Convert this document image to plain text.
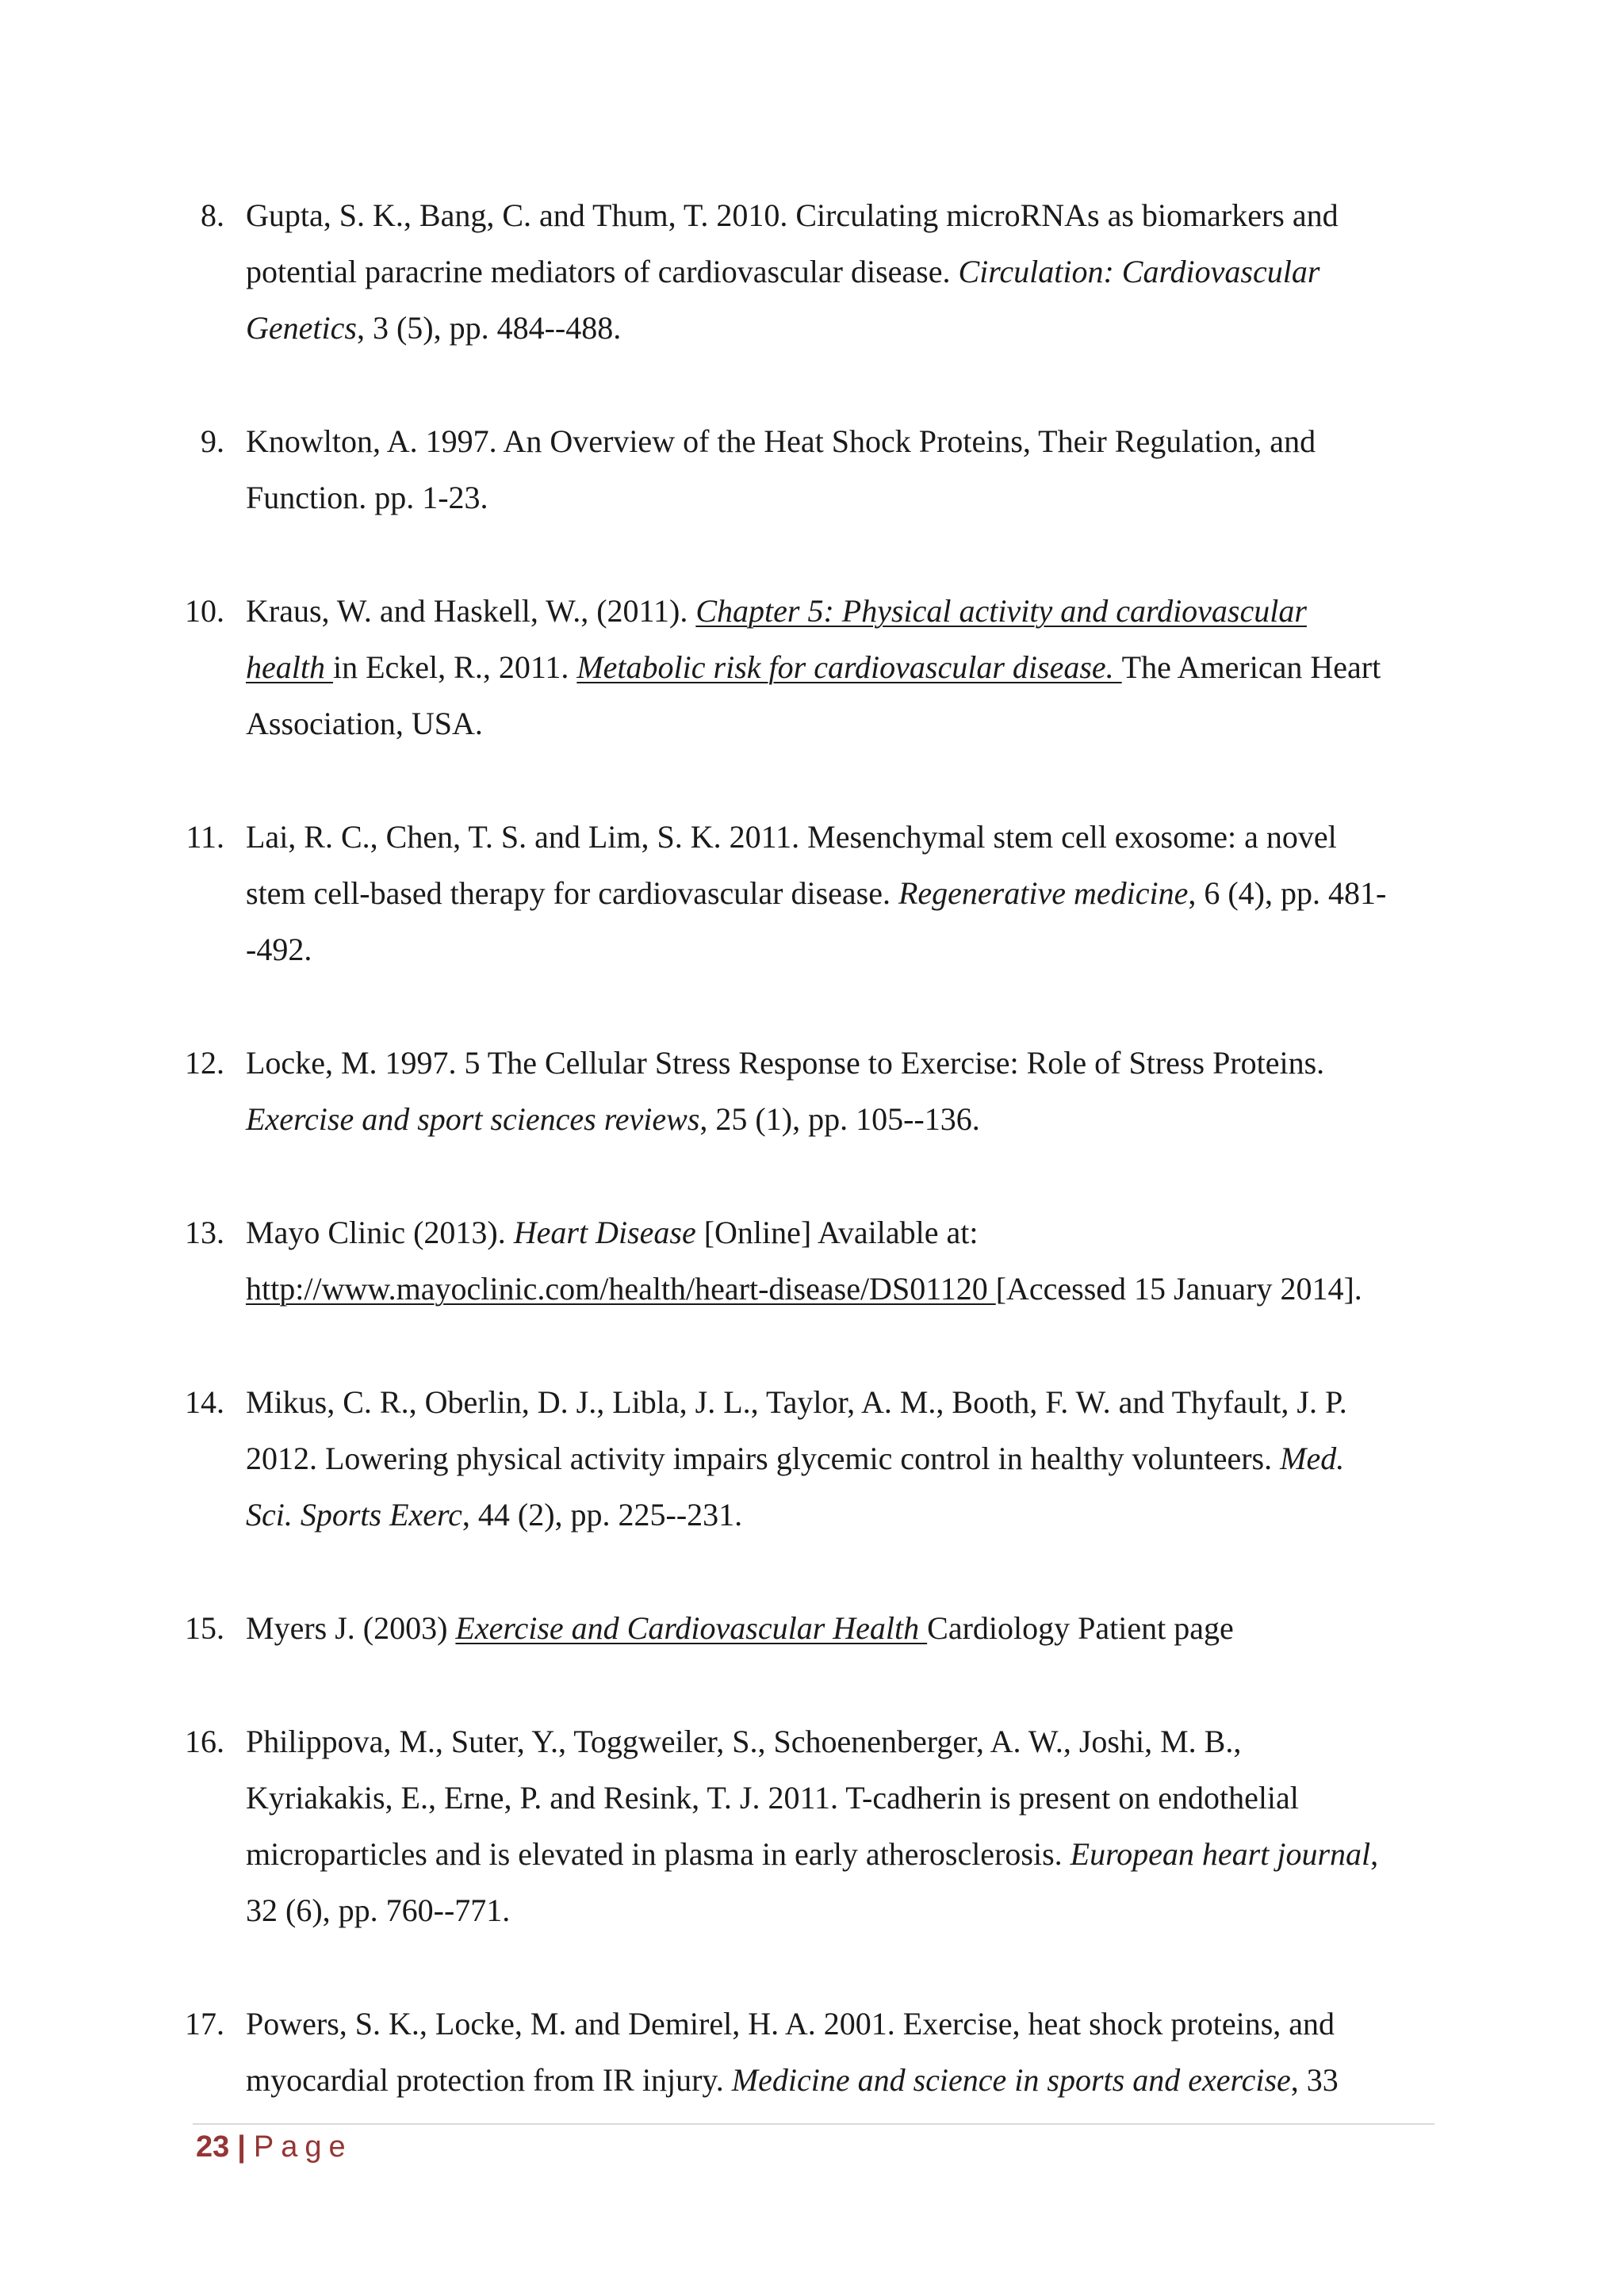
8. Gupta, S. K., Bang, C. and Thum, T. 2010. Circulating microRNAs as biomarkers and
potential paracrine mediators of cardiovascular disease. Circulation: Cardiovascular
Genetics, 3 (5), pp. 484--488.
9. Knowlton, A. 1997. An Overview of the Heat Shock Proteins, Their Regulation, and
Function. pp. 1-23.
10. Kraus, W. and Haskell, W., (2011). Chapter 5: Physical activity and cardiovascular
health in Eckel, R., 2011. Metabolic risk for cardiovascular disease. The American Heart
Association, USA.
11. Lai, R. C., Chen, T. S. and Lim, S. K. 2011. Mesenchymal stem cell exosome: a novel
stem cell-based therapy for cardiovascular disease. Regenerative medicine, 6 (4), pp. 481-
-492.
12. Locke, M. 1997. 5 The Cellular Stress Response to Exercise: Role of Stress Proteins.
Exercise and sport sciences reviews, 25 (1), pp. 105--136.
13. Mayo Clinic (2013). Heart Disease [Online] Available at:
http://www.mayoclinic.com/health/heart-disease/DS01120 [Accessed 15 January 2014].
14. Mikus, C. R., Oberlin, D. J., Libla, J. L., Taylor, A. M., Booth, F. W. and Thyfault, J. P.
2012. Lowering physical activity impairs glycemic control in healthy volunteers. Med.
Sci. Sports Exerc, 44 (2), pp. 225--231.
15. Myers J. (2003) Exercise and Cardiovascular Health Cardiology Patient page
16. Philippova, M., Suter, Y., Toggweiler, S., Schoenenberger, A. W., Joshi, M. B.,
Kyriakakis, E., Erne, P. and Resink, T. J. 2011. T-cadherin is present on endothelial
microparticles and is elevated in plasma in early atherosclerosis. European heart journal,
32 (6), pp. 760--771.
17. Powers, S. K., Locke, M. and Demirel, H. A. 2001. Exercise, heat shock proteins, and
myocardial protection from IR injury. Medicine and science in sports and exercise, 33
23 | Page
